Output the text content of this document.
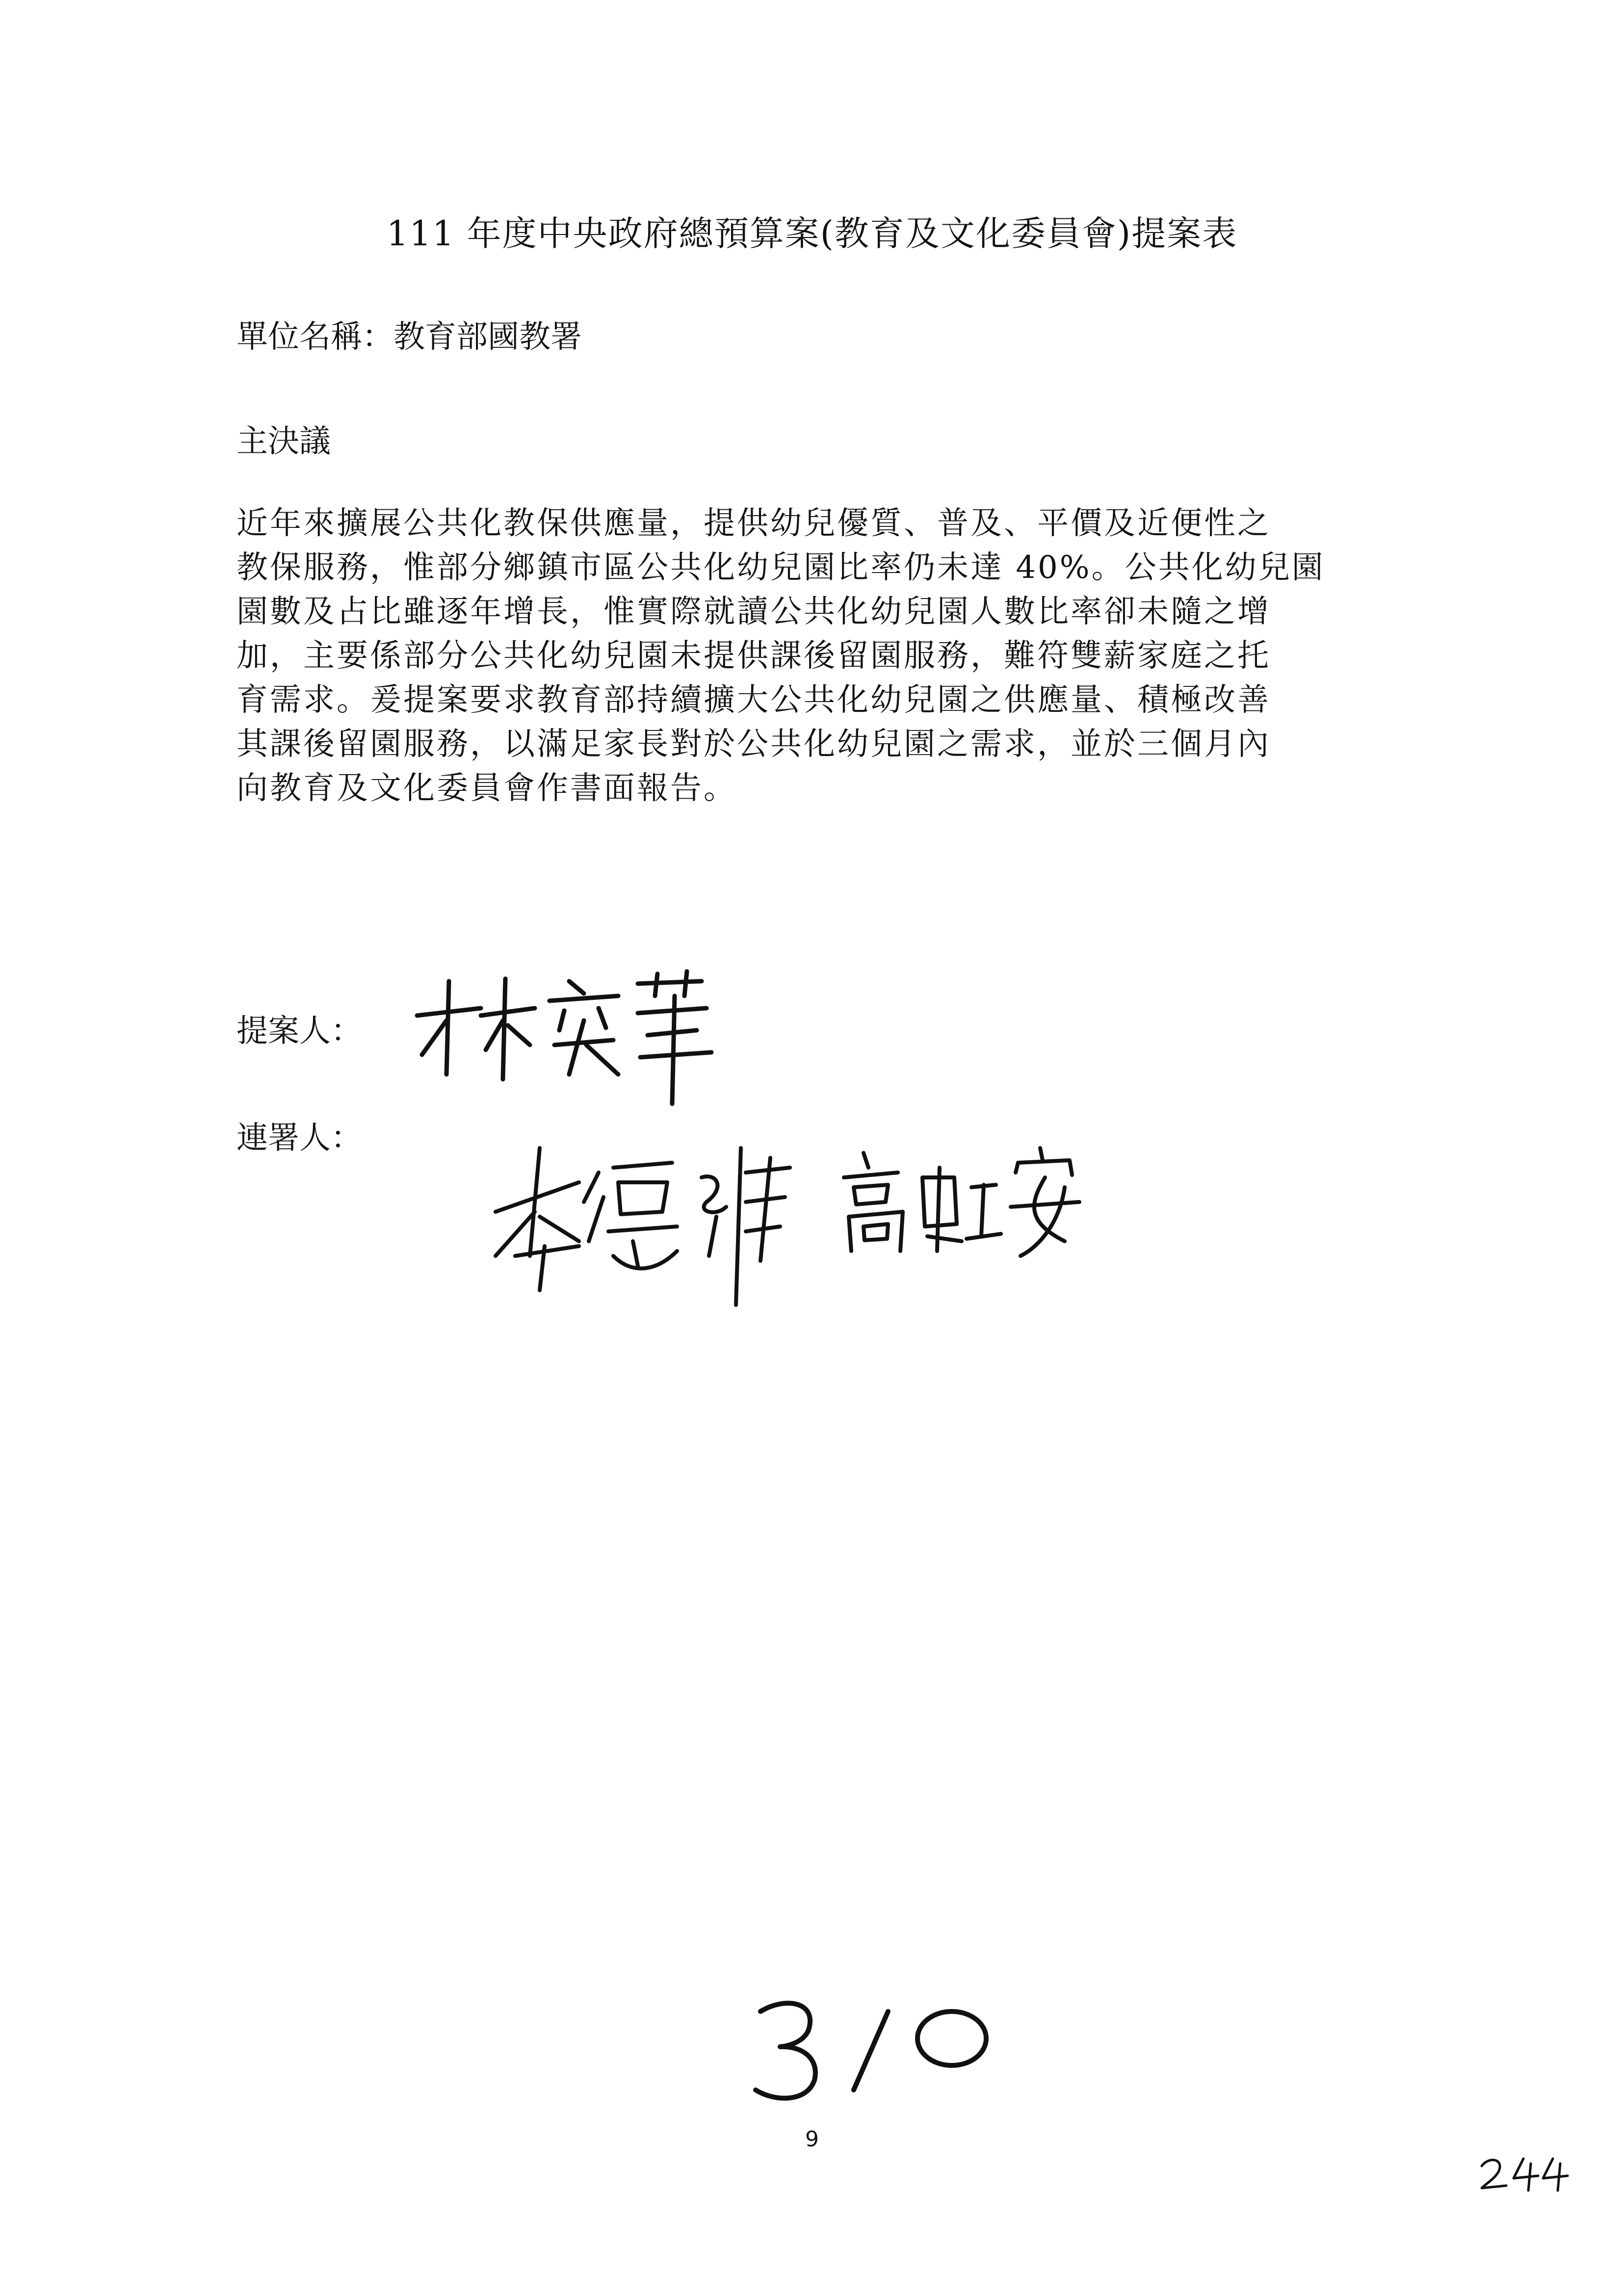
111 年度中央政府總預算案(教育及文化委員會)提案表
單位名稱：教育部國教署
主決議
近年來擴展公共化教保供應量，提供幼兒優質、普及、平價及近便性之
教保服務，惟部分鄉鎮市區公共化幼兒園比率仍未達 40%。公共化幼兒園
園數及占比雖逐年增長，惟實際就讀公共化幼兒園人數比率卻未隨之增
加，主要係部分公共化幼兒園未提供課後留園服務，難符雙薪家庭之托
育需求。爰提案要求教育部持續擴大公共化幼兒園之供應量、積極改善
其課後留園服務，以滿足家長對於公共化幼兒園之需求，並於三個月內
向教育及文化委員會作書面報告。
提案人：
連署人：
9
